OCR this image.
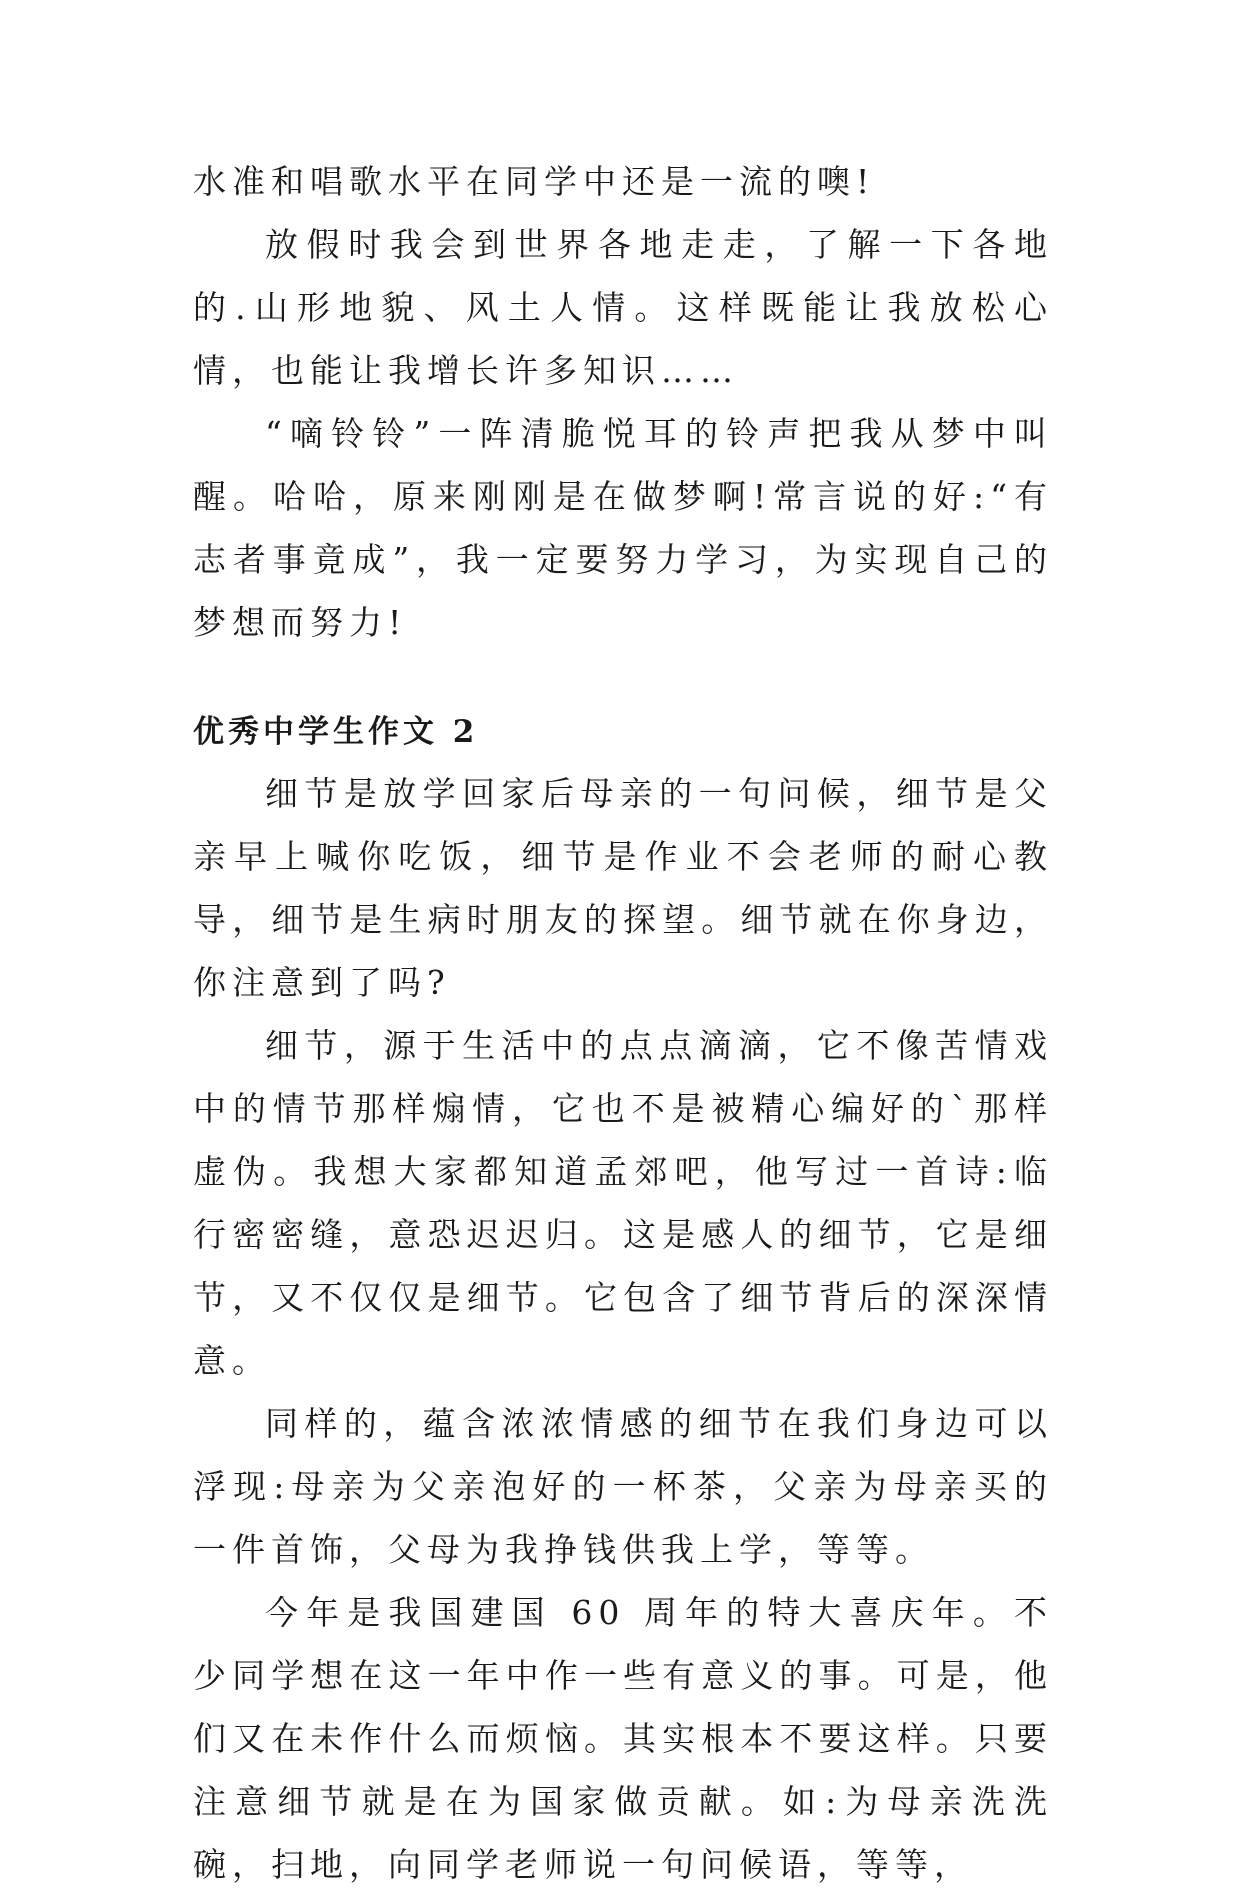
水准和唱歌水平在同学中还是一流的噢!

放假时我会到世界各地走走，了解一下各地的.山形地貌、风土人情。这样既能让我放松心情，也能让我增长许多知识……

“嘀铃铃”一阵清脆悦耳的铃声把我从梦中叫醒。哈哈，原来刚刚是在做梦啊!常言说的好:“有志者事竟成”，我一定要努力学习，为实现自己的梦想而努力!

优秀中学生作文 2

细节是放学回家后母亲的一句问候，细节是父亲早上喊你吃饭，细节是作业不会老师的耐心教导，细节是生病时朋友的探望。细节就在你身边，你注意到了吗?

细节，源于生活中的点点滴滴，它不像苦情戏中的情节那样煽情，它也不是被精心编好的`那样虚伪。我想大家都知道孟郊吧，他写过一首诗:临行密密缝，意恐迟迟归。这是感人的细节，它是细节，又不仅仅是细节。它包含了细节背后的深深情意。

同样的，蕴含浓浓情感的细节在我们身边可以浮现:母亲为父亲泡好的一杯茶，父亲为母亲买的一件首饰，父母为我挣钱供我上学，等等。

今年是我国建国 60 周年的特大喜庆年。不少同学想在这一年中作一些有意义的事。可是，他们又在未作什么而烦恼。其实根本不要这样。只要注意细节就是在为国家做贡献。如:为母亲洗洗碗，扫地，向同学老师说一句问候语，等等，
